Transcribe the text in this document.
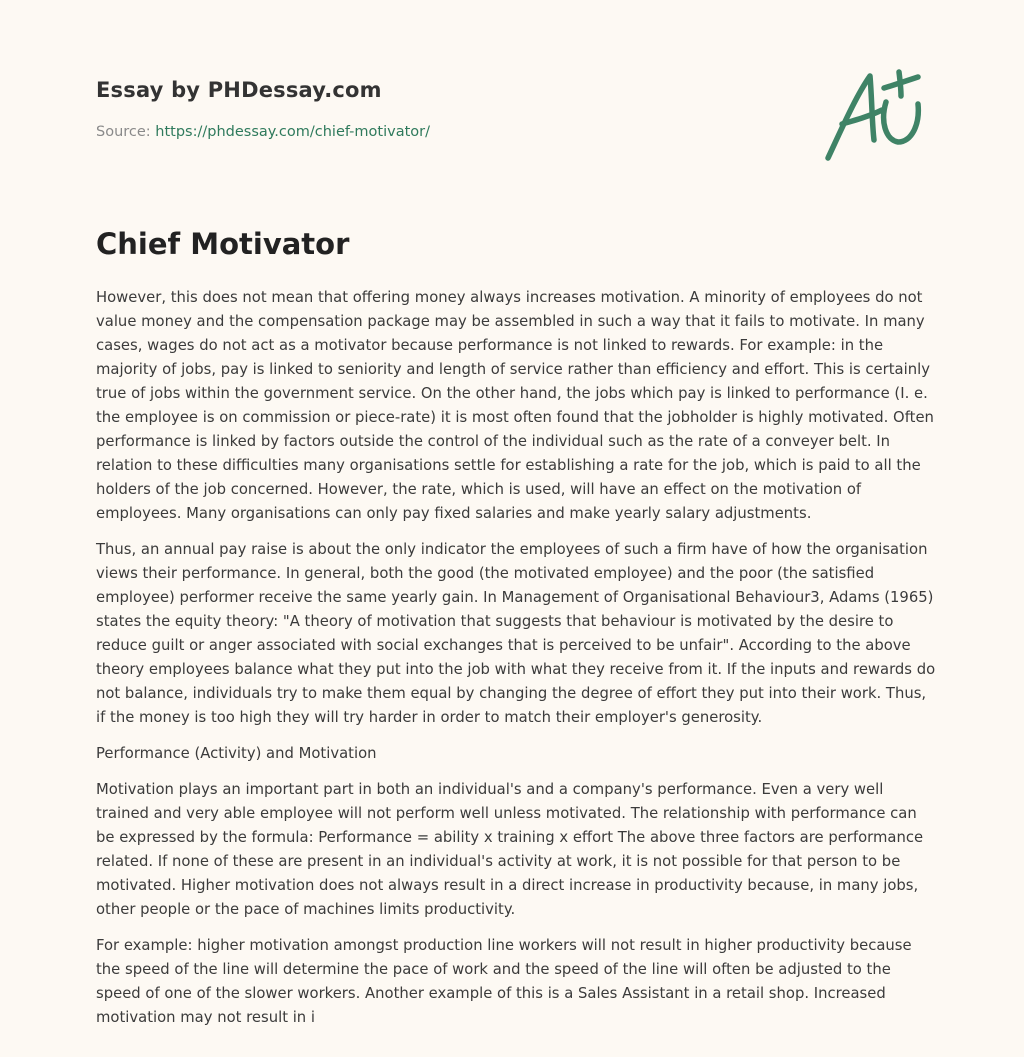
Essay by PHDessay.com

Source: https://phdessay.com/chief-motivator/

Chief Motivator

However, this does not mean that offering money always increases motivation. A minority of employees do not value money and the compensation package may be assembled in such a way that it fails to motivate. In many cases, wages do not act as a motivator because performance is not linked to rewards. For example: in the majority of jobs, pay is linked to seniority and length of service rather than efficiency and effort. This is certainly true of jobs within the government service. On the other hand, the jobs which pay is linked to performance (I. e. the employee is on commission or piece-rate) it is most often found that the jobholder is highly motivated. Often performance is linked by factors outside the control of the individual such as the rate of a conveyer belt. In relation to these difficulties many organisations settle for establishing a rate for the job, which is paid to all the holders of the job concerned. However, the rate, which is used, will have an effect on the motivation of employees. Many organisations can only pay fixed salaries and make yearly salary adjustments.

Thus, an annual pay raise is about the only indicator the employees of such a firm have of how the organisation views their performance. In general, both the good (the motivated employee) and the poor (the satisfied employee) performer receive the same yearly gain. In Management of Organisational Behaviour3, Adams (1965) states the equity theory: "A theory of motivation that suggests that behaviour is motivated by the desire to reduce guilt or anger associated with social exchanges that is perceived to be unfair". According to the above theory employees balance what they put into the job with what they receive from it. If the inputs and rewards do not balance, individuals try to make them equal by changing the degree of effort they put into their work. Thus, if the money is too high they will try harder in order to match their employer's generosity.

Performance (Activity) and Motivation

Motivation plays an important part in both an individual's and a company's performance. Even a very well trained and very able employee will not perform well unless motivated. The relationship with performance can be expressed by the formula: Performance = ability x training x effort The above three factors are performance related. If none of these are present in an individual's activity at work, it is not possible for that person to be motivated. Higher motivation does not always result in a direct increase in productivity because, in many jobs, other people or the pace of machines limits productivity.

For example: higher motivation amongst production line workers will not result in higher productivity because the speed of the line will determine the pace of work and the speed of the line will often be adjusted to the speed of one of the slower workers. Another example of this is a Sales Assistant in a retail shop. Increased motivation may not result in i
